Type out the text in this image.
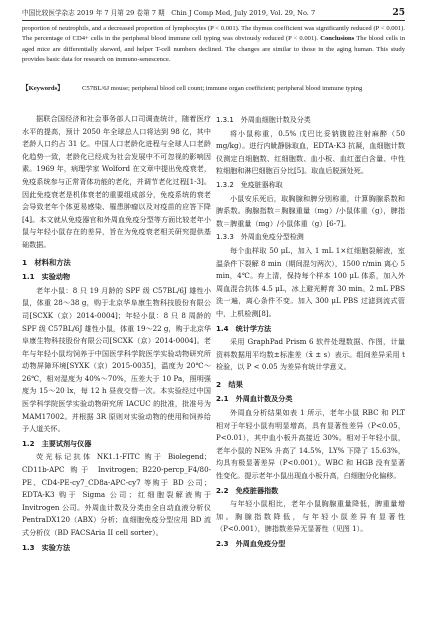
中国比较医学杂志 2019 年 7 月第 29 卷第 7 期　Chin J Comp Med, July 2019, Vol. 29, No. 7	25
proportion of neutrophils, and a decreased proportion of lymphocytes (P < 0.001). The thymus coefficient was significantly reduced (P < 0.001). The percentage of CD4+ cells in the peripheral blood immune cell typing was obviously reduced (P < 0.001). Conclusions The blood cells in aged mice are differentially skewed, and helper T-cell numbers declined. The changes are similar to those in the aging human. This study provides basic data for research on immuno-senescence.
【Keywords】	C57BL/6J mouse; peripheral blood cell count; immune organ coefficient; peripheral blood immune typing

据联合国经济和社会事务部人口司调查统计，随着医疗水平的提高，预计 2050 年全球总人口将达到 98 亿，其中老龄人口约占 31 亿。中国人口老龄化进程与全球人口老龄化趋势一致，老龄化已经成为社会发展中不可忽视的影响因素。1969 年，病理学家 Wolford 在文章中提出免疫衰老，免疫系统参与正常背体功能的老化，并调节老化过程[1-3]。因此免疫衰老是机体衰老的重要组成部分，免疫系统的衰老会导致老年个体更易感染、罹患肿瘤以及对疫苗的应答下降[4]。本文就从免疫器官和外周血免疫分型等方面比较老年小鼠与年轻小鼠存在的差异，旨在为免疫衰老相关研究提供基础数据。

1　材料和方法
1.1　实验动物

老年小鼠：8 只 19 月龄的 SPF 级 C57BL/6J 雄性小鼠，体重 28～38 g，购于北京华阜康生物科技股份有限公司[SCXK（京）2014-0004]；年轻小鼠：8 只 8 周龄的 SPF 级 C57BL/6J 雄性小鼠，体重 19～22 g，购于北京华阜康生物科技股份有限公司[SCXK（京）2014-0004]。老年与年轻小鼠均饲养于中国医学科学院医学实验动物研究所动物屏障环境[SYXK（京）2015-0035]，温度为 20℃～26℃，相对湿度为 40%～70%，压差大于 10 Pa，照明强度为 15～20 lx，每 12 h 昼夜交替一次。本实验经过中国医学科学院医学实验动物研究所 IACUC 的批准，批准号为 MAM17002。并根据 3R 原则对实验动物的使用和饲养给予人道关怀。

1.2　主要试剂与仪器

荧光标记抗体 NK1.1-FITC 购于 Biolegend；CD11b-APC 购于 Invitrogen；B220-percp_F4/80-PE、CD4-PE-cy7_CD8a-APC-cy7 等购于 BD 公司；EDTA-K3 购于 Sigma 公司；红细胞裂解液购于 Invitrogen 公司。外周血计数及分类由全自动血液分析仪 PentraDX120（ABX）分析；血细胞免疫分型应用 BD 流式分析仪（BD FACSAria II cell sorter）。

1.3　实验方法
1.3.1　外周血细胞计数及分类

将小鼠称重，0.5% 戊巴比妥钠腹腔注射麻醉（50 mg/kg）。进行内眦静脉取血，EDTA-K3 抗凝，血细胞计数仪测定白细胞数、红细胞数、血小板、血红蛋白含量、中性粒细胞和淋巴细胞百分比[5]。取血后脱颈处死。

1.3.2　免疫脏器称取

小鼠安乐死后，取胸腺和脾分别称重，计算胸腺系数和脾系数。胸腺指数＝胸腺重量（mg）/小鼠体重（g），脾指数＝脾重量（mg）/小鼠体重（g）[6-7]。

1.3.3　外周血免疫分型检测

每个血样取 50 μL，加入 1 mL 1×红细胞裂解液，室温条件下裂解 8 min（期间混匀两次），1500 r/min 离心 5 min，4℃。弃上清，保持每个样本 100 μL 体系，加入外周血混合抗体 4.5 μL，冰上避光孵育 30 min。2 mL PBS 洗一遍，离心条件不变。加入 300 μL PBS 过滤到流式管中，上机检测[8]。

1.4　统计学方法

采用 GraphPad Prism 6 软件处理数据、作图，计量资料数据用平均数±标准差（x̄ ± s）表示。组间差异采用 t 检验，以 P < 0.05 为差异有统计学意义。

2　结果
2.1　外周血计数及分类

外周血分析结果如表 1 所示，老年小鼠 RBC 和 PLT 相对于年轻小鼠有明显增高，具有显著性差异（P<0.05，P<0.01），其中血小板升高接近 30%。相对于年轻小鼠，老年小鼠的 NE% 升高了 14.5%，LY% 下降了 15.63%，均具有极显著差异（P<0.001）。WBC 和 HGB 没有显著性变化。提示老年小鼠出现血小板升高，白细胞分化偏移。

2.2　免疫脏器指数

与年轻小鼠相比，老年小鼠胸腺重量降低，脾重量增加。胸腺指数降低，与年轻小鼠差异有显著性（P<0.001），脾指数差异无显著性（见图 1）。

2.3　外周血免疫分型
